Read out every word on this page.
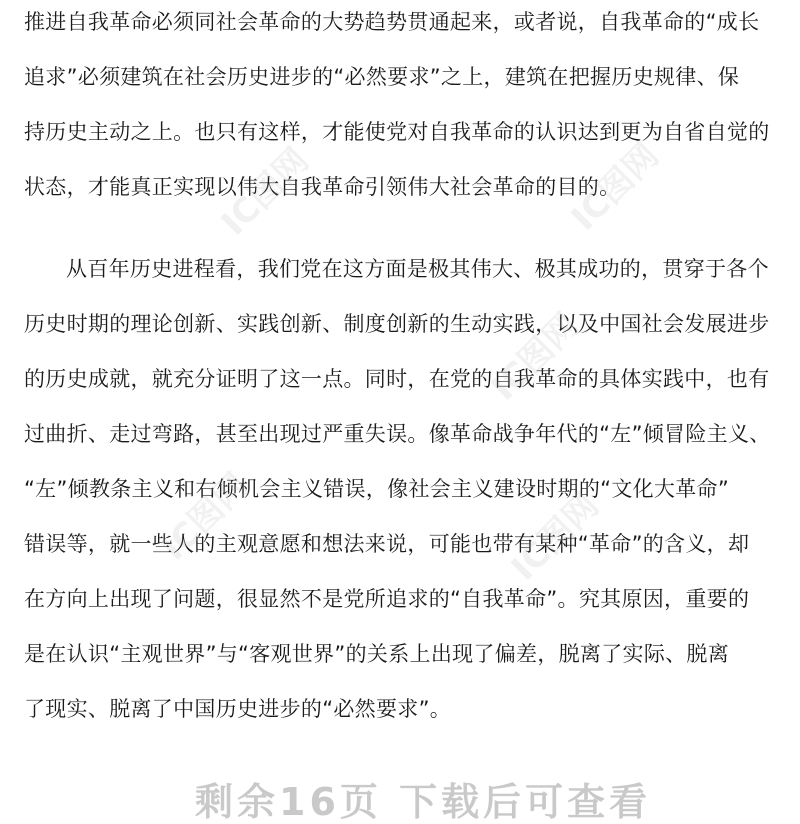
推进自我革命必须同社会革命的大势趋势贯通起来，或者说，自我革命的“成长
追求”必须建筑在社会历史进步的“必然要求”之上，建筑在把握历史规律、保
持历史主动之上。也只有这样，才能使党对自我革命的认识达到更为自省自觉的
状态，才能真正实现以伟大自我革命引领伟大社会革命的目的。
从百年历史进程看，我们党在这方面是极其伟大、极其成功的，贯穿于各个
历史时期的理论创新、实践创新、制度创新的生动实践，以及中国社会发展进步
的历史成就，就充分证明了这一点。同时，在党的自我革命的具体实践中，也有
过曲折、走过弯路，甚至出现过严重失误。像革命战争年代的“左”倾冒险主义、
“左”倾教条主义和右倾机会主义错误，像社会主义建设时期的“文化大革命”
错误等，就一些人的主观意愿和想法来说，可能也带有某种“革命”的含义，却
在方向上出现了问题，很显然不是党所追求的“自我革命”。究其原因，重要的
是在认识“主观世界”与“客观世界”的关系上出现了偏差，脱离了实际、脱离
了现实、脱离了中国历史进步的“必然要求”。
IC图网
IC图网
IC图网
IC图网	IC图网
剩余16页 下载后可查看
